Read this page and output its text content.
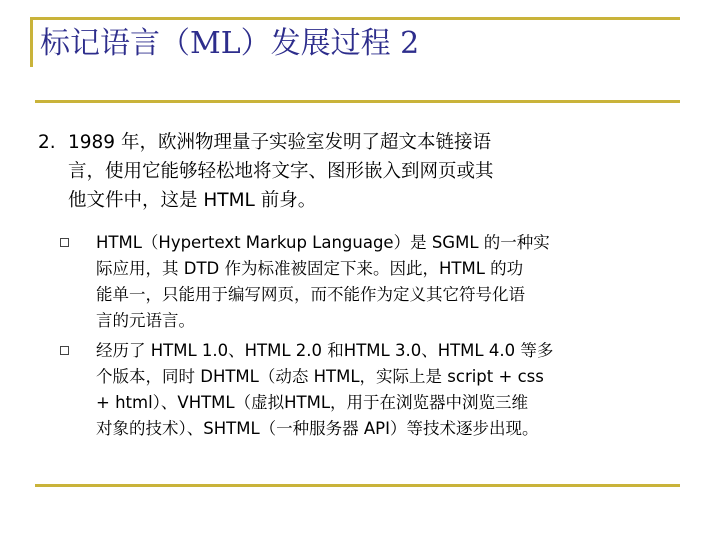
标记语言（ML）发展过程 2
2. 1989 年，欧洲物理量子实验室发明了超文本链接语
言，使用它能够轻松地将文字、图形嵌入到网页或其
他文件中，这是 HTML 前身。
HTML（Hypertext Markup Language）是 SGML 的一种实
际应用，其 DTD 作为标准被固定下来。因此，HTML 的功
能单一，只能用于编写网页，而不能作为定义其它符号化语
言的元语言。
经历了 HTML 1.0、HTML 2.0 和HTML 3.0、HTML 4.0 等多
个版本，同时 DHTML（动态 HTML，实际上是 script + css
+ html）、VHTML（虚拟HTML，用于在浏览器中浏览三维
对象的技术）、SHTML（一种服务器 API）等技术逐步出现。
